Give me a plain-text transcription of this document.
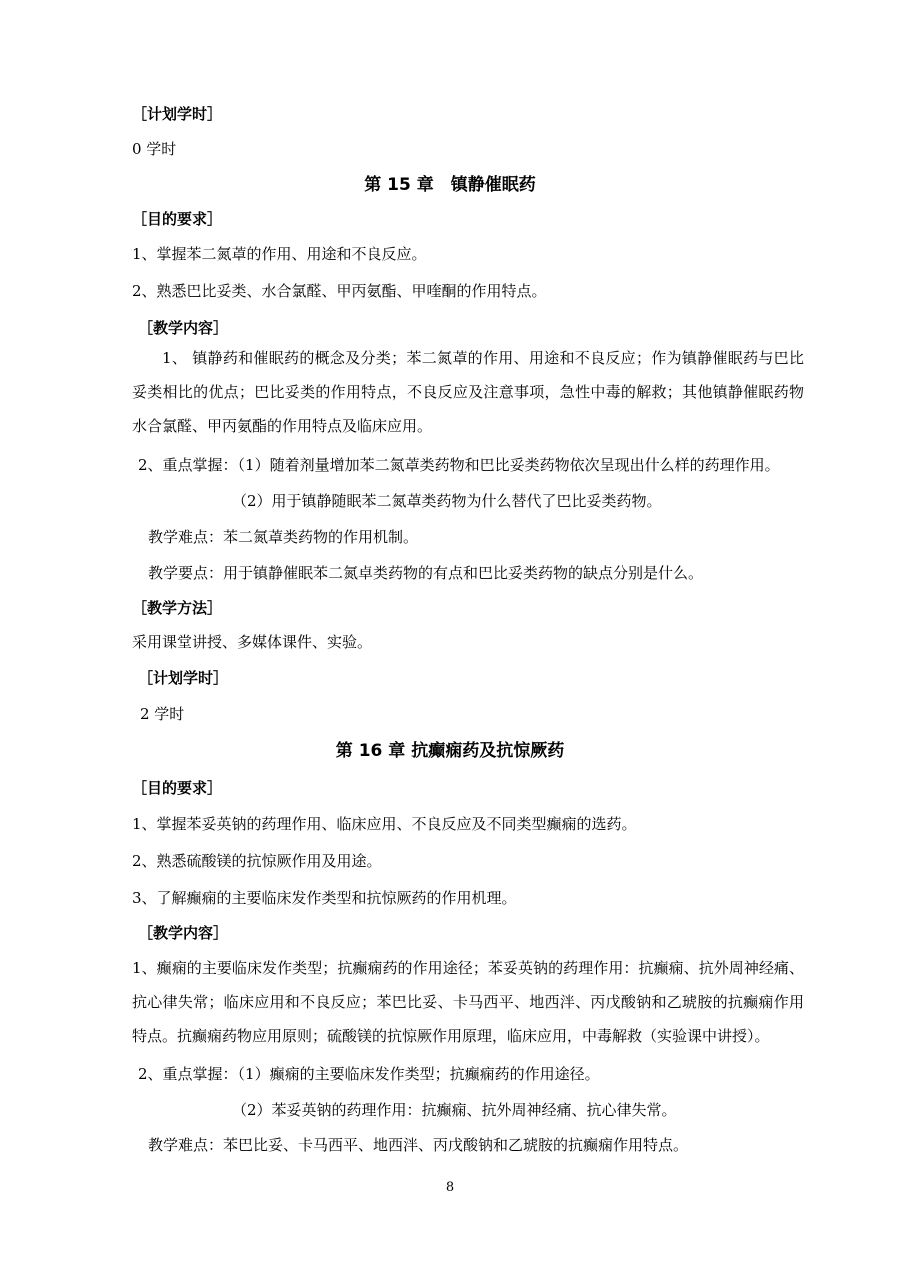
［计划学时］
0 学时
第 15 章　镇静催眠药
［目的要求］
1、掌握苯二氮䓬的作用、用途和不良反应。
2、熟悉巴比妥类、水合氯醛、甲丙氨酯、甲喹酮的作用特点。
［教学内容］
1、 镇静药和催眠药的概念及分类；苯二氮䓬的作用、用途和不良反应；作为镇静催眠药与巴比妥类相比的优点；巴比妥类的作用特点，不良反应及注意事项，急性中毒的解救；其他镇静催眠药物水合氯醛、甲丙氨酯的作用特点及临床应用。
2、重点掌握：（1）随着剂量增加苯二氮䓬类药物和巴比妥类药物依次呈现出什么样的药理作用。
（2）用于镇静随眠苯二氮䓬类药物为什么替代了巴比妥类药物。
教学难点：苯二氮䓬类药物的作用机制。
教学要点：用于镇静催眠苯二氮卓类药物的有点和巴比妥类药物的缺点分别是什么。
［教学方法］
采用课堂讲授、多媒体课件、实验。
［计划学时］
2 学时
第 16 章 抗癫痫药及抗惊厥药
［目的要求］
1、掌握苯妥英钠的药理作用、临床应用、不良反应及不同类型癫痫的选药。
2、熟悉硫酸镁的抗惊厥作用及用途。
3、了解癫痫的主要临床发作类型和抗惊厥药的作用机理。
［教学内容］
1、癫痫的主要临床发作类型；抗癫痫药的作用途径；苯妥英钠的药理作用：抗癫痫、抗外周神经痛、抗心律失常；临床应用和不良反应；苯巴比妥、卡马西平、地西泮、丙戊酸钠和乙琥胺的抗癫痫作用特点。抗癫痫药物应用原则；硫酸镁的抗惊厥作用原理，临床应用，中毒解救（实验课中讲授）。
2、重点掌握：（1）癫痫的主要临床发作类型；抗癫痫药的作用途径。
（2）苯妥英钠的药理作用：抗癫痫、抗外周神经痛、抗心律失常。
教学难点：苯巴比妥、卡马西平、地西泮、丙戊酸钠和乙琥胺的抗癫痫作用特点。
8
